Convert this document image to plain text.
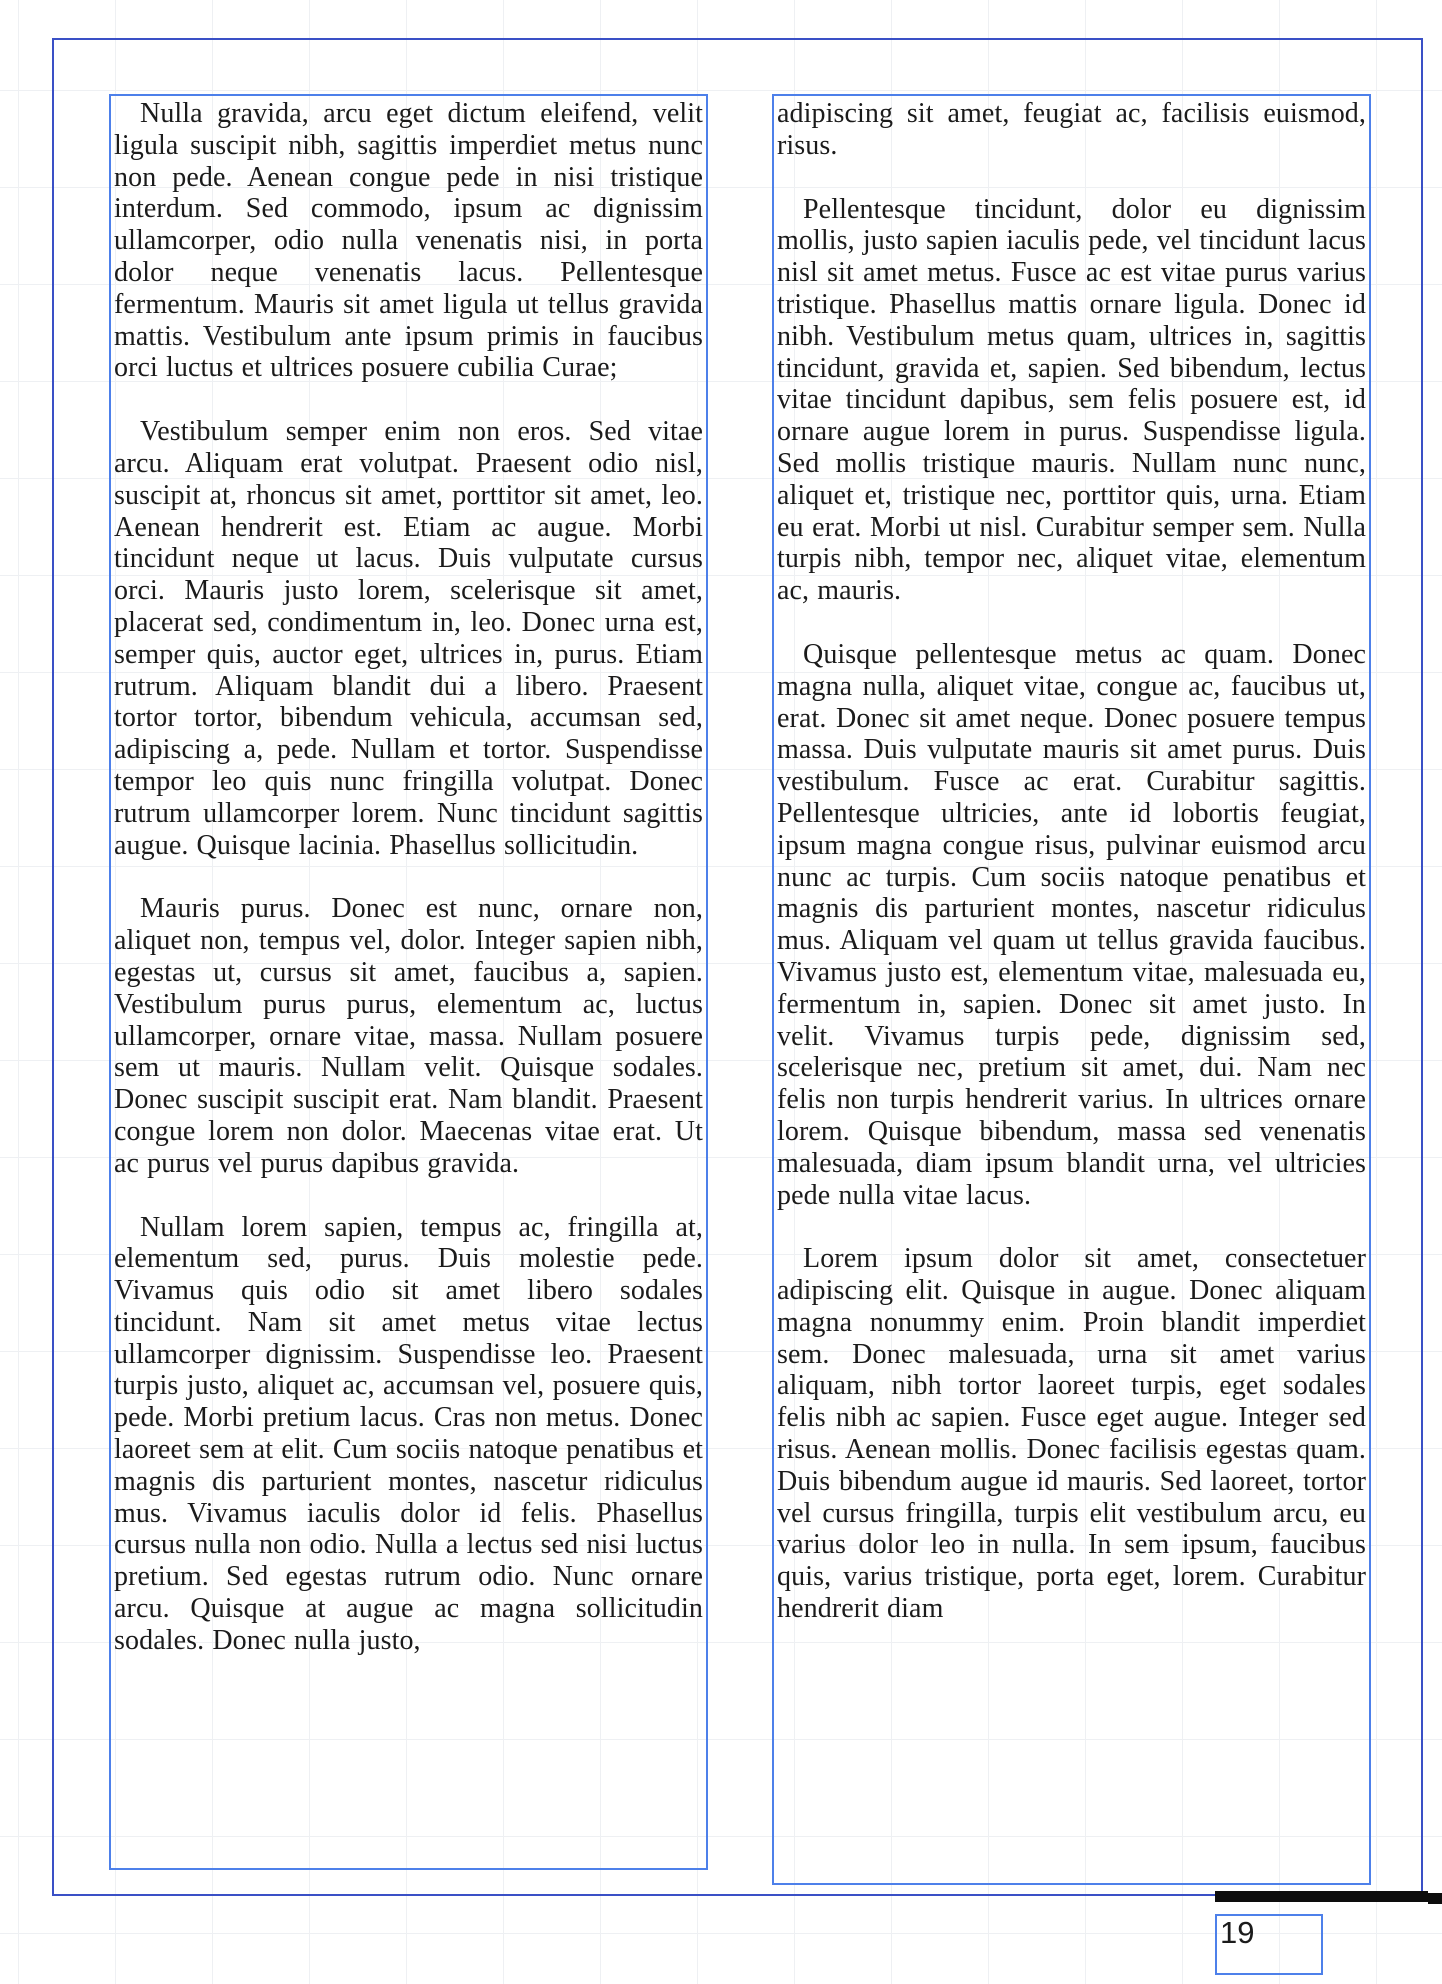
Nulla gravida, arcu eget dictum eleifend, velit ligula suscipit nibh, sagittis imperdiet metus nunc non pede. Aenean congue pede in nisi tristique interdum. Sed commodo, ipsum ac dignissim ullamcorper, odio nulla venenatis nisi, in porta dolor neque venenatis lacus. Pellentesque fermentum. Mauris sit amet ligula ut tellus gravida mattis. Vestibulum ante ipsum primis in faucibus orci luctus et ultrices posuere cubilia Curae;

Vestibulum semper enim non eros. Sed vitae arcu. Aliquam erat volutpat. Praesent odio nisl, suscipit at, rhoncus sit amet, porttitor sit amet, leo. Aenean hendrerit est. Etiam ac augue. Morbi tincidunt neque ut lacus. Duis vulputate cursus orci. Mauris justo lorem, scelerisque sit amet, placerat sed, condimentum in, leo. Donec urna est, semper quis, auctor eget, ultrices in, purus. Etiam rutrum. Aliquam blandit dui a libero. Praesent tortor tortor, bibendum vehicula, accumsan sed, adipiscing a, pede. Nullam et tortor. Suspendisse tempor leo quis nunc fringilla volutpat. Donec rutrum ullamcorper lorem. Nunc tincidunt sagittis augue. Quisque lacinia. Phasellus sollicitudin.

Mauris purus. Donec est nunc, ornare non, aliquet non, tempus vel, dolor. Integer sapien nibh, egestas ut, cursus sit amet, faucibus a, sapien. Vestibulum purus purus, elementum ac, luctus ullamcorper, ornare vitae, massa. Nullam posuere sem ut mauris. Nullam velit. Quisque sodales. Donec suscipit suscipit erat. Nam blandit. Praesent congue lorem non dolor. Maecenas vitae erat. Ut ac purus vel purus dapibus gravida.

Nullam lorem sapien, tempus ac, fringilla at, elementum sed, purus. Duis molestie pede. Vivamus quis odio sit amet libero sodales tincidunt. Nam sit amet metus vitae lectus ullamcorper dignissim. Suspendisse leo. Praesent turpis justo, aliquet ac, accumsan vel, posuere quis, pede. Morbi pretium lacus. Cras non metus. Donec laoreet sem at elit. Cum sociis natoque penatibus et magnis dis parturient montes, nascetur ridiculus mus. Vivamus iaculis dolor id felis. Phasellus cursus nulla non odio. Nulla a lectus sed nisi luctus pretium. Sed egestas rutrum odio. Nunc ornare arcu. Quisque at augue ac magna sollicitudin sodales. Donec nulla justo,

adipiscing sit amet, feugiat ac, facilisis euismod, risus.

Pellentesque tincidunt, dolor eu dignissim mollis, justo sapien iaculis pede, vel tincidunt lacus nisl sit amet metus. Fusce ac est vitae purus varius tristique. Phasellus mattis ornare ligula. Donec id nibh. Vestibulum metus quam, ultrices in, sagittis tincidunt, gravida et, sapien. Sed bibendum, lectus vitae tincidunt dapibus, sem felis posuere est, id ornare augue lorem in purus. Suspendisse ligula. Sed mollis tristique mauris. Nullam nunc nunc, aliquet et, tristique nec, porttitor quis, urna. Etiam eu erat. Morbi ut nisl. Curabitur semper sem. Nulla turpis nibh, tempor nec, aliquet vitae, elementum ac, mauris.

Quisque pellentesque metus ac quam. Donec magna nulla, aliquet vitae, congue ac, faucibus ut, erat. Donec sit amet neque. Donec posuere tempus massa. Duis vulputate mauris sit amet purus. Duis vestibulum. Fusce ac erat. Curabitur sagittis. Pellentesque ultricies, ante id lobortis feugiat, ipsum magna congue risus, pulvinar euismod arcu nunc ac turpis. Cum sociis natoque penatibus et magnis dis parturient montes, nascetur ridiculus mus. Aliquam vel quam ut tellus gravida faucibus. Vivamus justo est, elementum vitae, malesuada eu, fermentum in, sapien. Donec sit amet justo. In velit. Vivamus turpis pede, dignissim sed, scelerisque nec, pretium sit amet, dui. Nam nec felis non turpis hendrerit varius. In ultrices ornare lorem. Quisque bibendum, massa sed venenatis malesuada, diam ipsum blandit urna, vel ultricies pede nulla vitae lacus.

Lorem ipsum dolor sit amet, consectetuer adipiscing elit. Quisque in augue. Donec aliquam magna nonummy enim. Proin blandit imperdiet sem. Donec malesuada, urna sit amet varius aliquam, nibh tortor laoreet turpis, eget sodales felis nibh ac sapien. Fusce eget augue. Integer sed risus. Aenean mollis. Donec facilisis egestas quam. Duis bibendum augue id mauris. Sed laoreet, tortor vel cursus fringilla, turpis elit vestibulum arcu, eu varius dolor leo in nulla. In sem ipsum, faucibus quis, varius tristique, porta eget, lorem. Curabitur hendrerit diam

19
